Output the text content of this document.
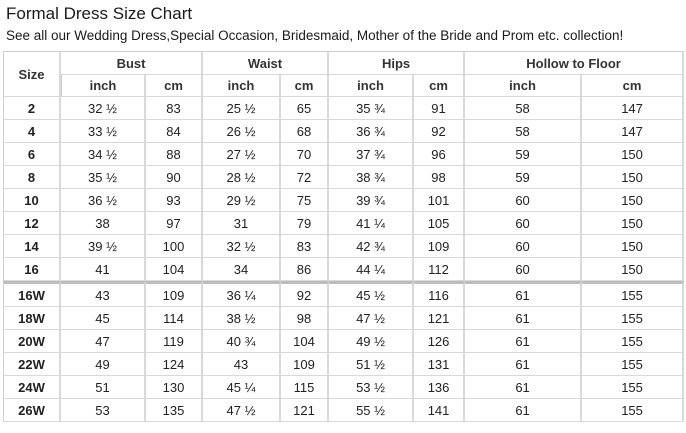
Formal Dress Size Chart
See all our Wedding Dress,Special Occasion, Bridesmaid, Mother of the Bride and Prom etc. collection!
Size	Bust		Waist		Hips		Hollow to Floor	
	inch	cm	inch	cm	inch	cm	inch	cm
2	32 ½	83	25 ½	65	35 ¾	91	58	147
4	33 ½	84	26 ½	68	36 ¾	92	58	147
6	34 ½	88	27 ½	70	37 ¾	96	59	150
8	35 ½	90	28 ½	72	38 ¾	98	59	150
10	36 ½	93	29 ½	75	39 ¾	101	60	150
12	38	97	31	79	41 ¼	105	60	150
14	39 ½	100	32 ½	83	42 ¾	109	60	150
16	41	104	34	86	44 ¼	112	60	150
16W	43	109	36 ¼	92	45 ½	116	61	155
18W	45	114	38 ½	98	47 ½	121	61	155
20W	47	119	40 ¾	104	49 ½	126	61	155
22W	49	124	43	109	51 ½	131	61	155
24W	51	130	45 ¼	115	53 ½	136	61	155
26W	53	135	47 ½	121	55 ½	141	61	155
